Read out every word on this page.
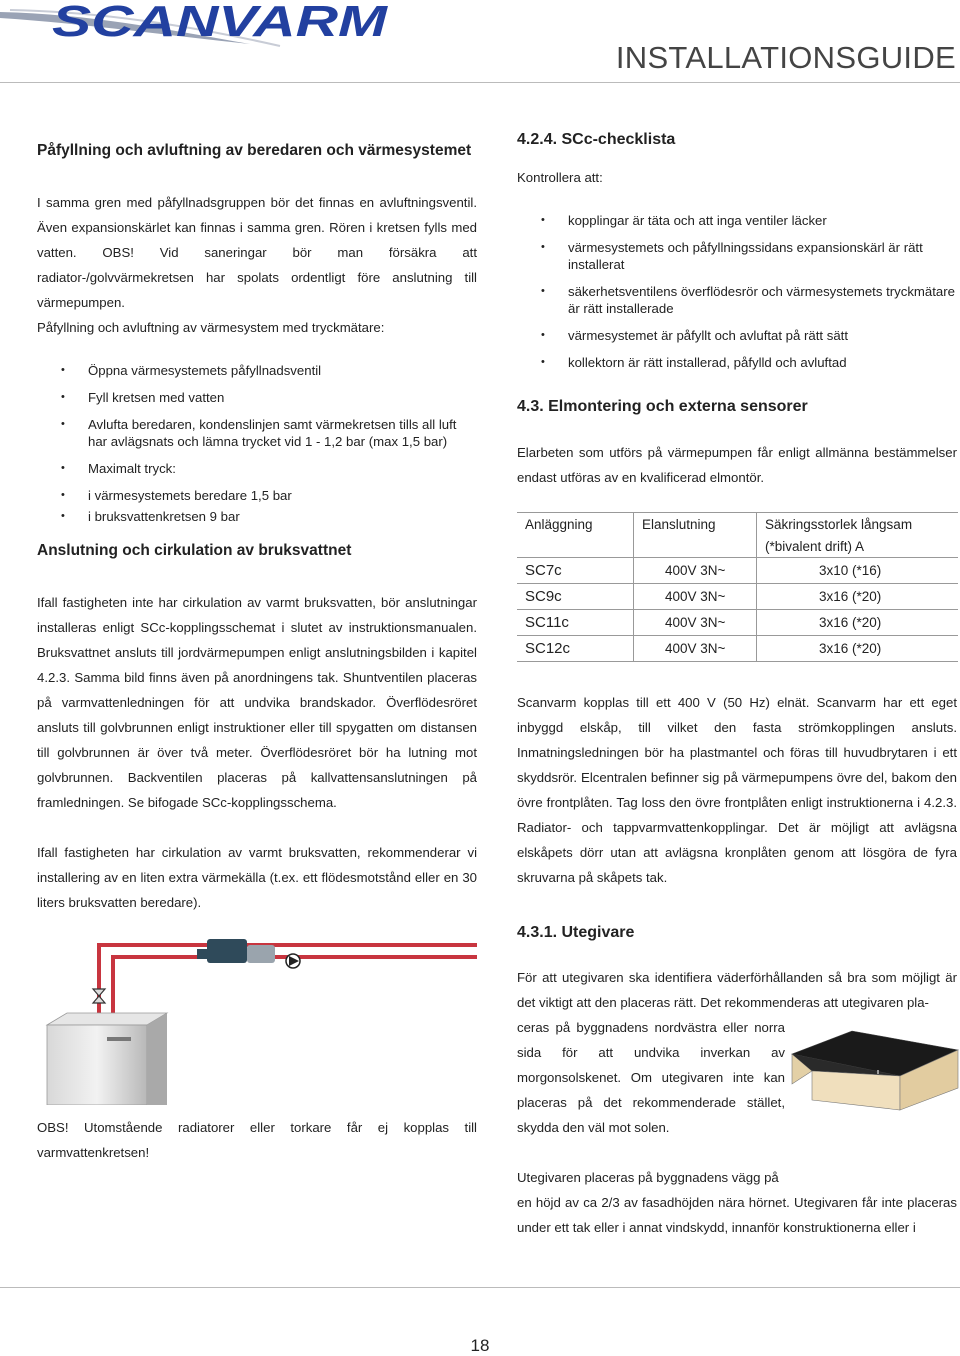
SCANVARM
INSTALLATIONSGUIDE
Påfyllning och avluftning av beredaren och värmesystemet

I samma gren med påfyllnadsgruppen bör det finnas en avluftningsventil. Även expansionskärlet kan finnas i samma gren. Rören i kretsen fylls med vatten. OBS! Vid saneringar bör man försäkra att radiator-/golvvärmekretsen har spolats ordentligt före anslutning till värmepumpen.

Påfyllning och avluftning av värmesystem med tryckmätare:

• Öppna värmesystemets påfyllnadsventil
• Fyll kretsen med vatten
• Avlufta beredaren, kondenslinjen samt värmekretsen tills all luft har avlägsnats och lämna trycket vid 1 - 1,2 bar (max 1,5 bar)
• Maximalt tryck:
• i värmesystemets beredare 1,5 bar
• i bruksvattenkretsen 9 bar
Anslutning och cirkulation av bruksvattnet

Ifall fastigheten inte har cirkulation av varmt bruksvatten, bör anslutningar installeras enligt SCc-kopplingsschemat i slutet av instruktionsmanualen. Bruksvattnet ansluts till jordvärmepumpen enligt anslutningsbilden i kapitel 4.2.3. Samma bild finns även på anordningens tak. Shuntventilen placeras på varmvattenledningen för att undvika brandskador. Överflödesröret ansluts till golvbrunnen enligt instruktioner eller till spygatten om distansen till golvbrunnen är över två meter. Överflödesröret bör ha lutning mot golvbrunnen. Backventilen placeras på kallvattensanslutningen på framledningen. Se bifogade SCc-kopplingsschema.

Ifall fastigheten har cirkulation av varmt bruksvatten, rekommenderar vi installering av en liten extra värmekälla (t.ex. ett flödesmotstånd eller en 30 liters bruksvatten beredare).

OBS! Utomstående radiatorer eller torkare får ej kopplas till varmvattenkretsen!

4.2.4. SCc-checklista

Kontrollera att:

• kopplingar är täta och att inga ventiler läcker
• värmesystemets och påfyllningssidans expansionskärl är rätt installerat
• säkerhetsventilens överflödesrör och värmesystemets tryckmätare är rätt installerade
• värmesystemet är påfyllt och avluftat på rätt sätt
• kollektorn är rätt installerad, påfylld och avluftad
4.3. Elmontering och externa sensorer

Elarbeten som utförs på värmepumpen får enligt allmänna bestämmelser endast utföras av en kvalificerad elmontör.

Anläggning	Elanslutning	Säkringsstorlek långsam
		(*bivalent drift) A
SC7c	400V 3N~	3x10 (*16)
SC9c	400V 3N~	3x16 (*20)
SC11c	400V 3N~	3x16 (*20)
SC12c	400V 3N~	3x16 (*20)

Scanvarm kopplas till ett 400 V (50 Hz) elnät. Scanvarm har ett eget inbyggd elskåp, till vilket den fasta strömkopplingen ansluts. Inmatningsledningen bör ha plastmantel och föras till huvudbrytaren i ett skyddsrör. Elcentralen befinner sig på värmepumpens övre del, bakom den övre frontplåten. Tag loss den övre frontplåten enligt instruktionerna i 4.2.3. Radiator- och tappvarmvattenkopplingar. Det är möjligt att avlägsna elskåpets dörr utan att avlägsna kronplåten genom att lösgöra de fyra skruvarna på skåpets tak.

4.3.1. Utegivare

För att utegivaren ska identifiera väderförhållanden så bra som möjligt är det viktigt att den placeras rätt. Det rekommenderas att utegivaren pla-

ceras på byggnadens nordvästra eller norra sida för att undvika inverkan av morgonsolskenet. Om utegivaren inte kan placeras på det rekommenderade stället, skydda den väl mot solen.

Utegivaren placeras på byggnadens vägg på

en höjd av ca 2/3 av fasadhöjden nära hörnet. Utegivaren får inte placeras under ett tak eller i annat vindskydd, innanför konstruktionerna eller i

18
